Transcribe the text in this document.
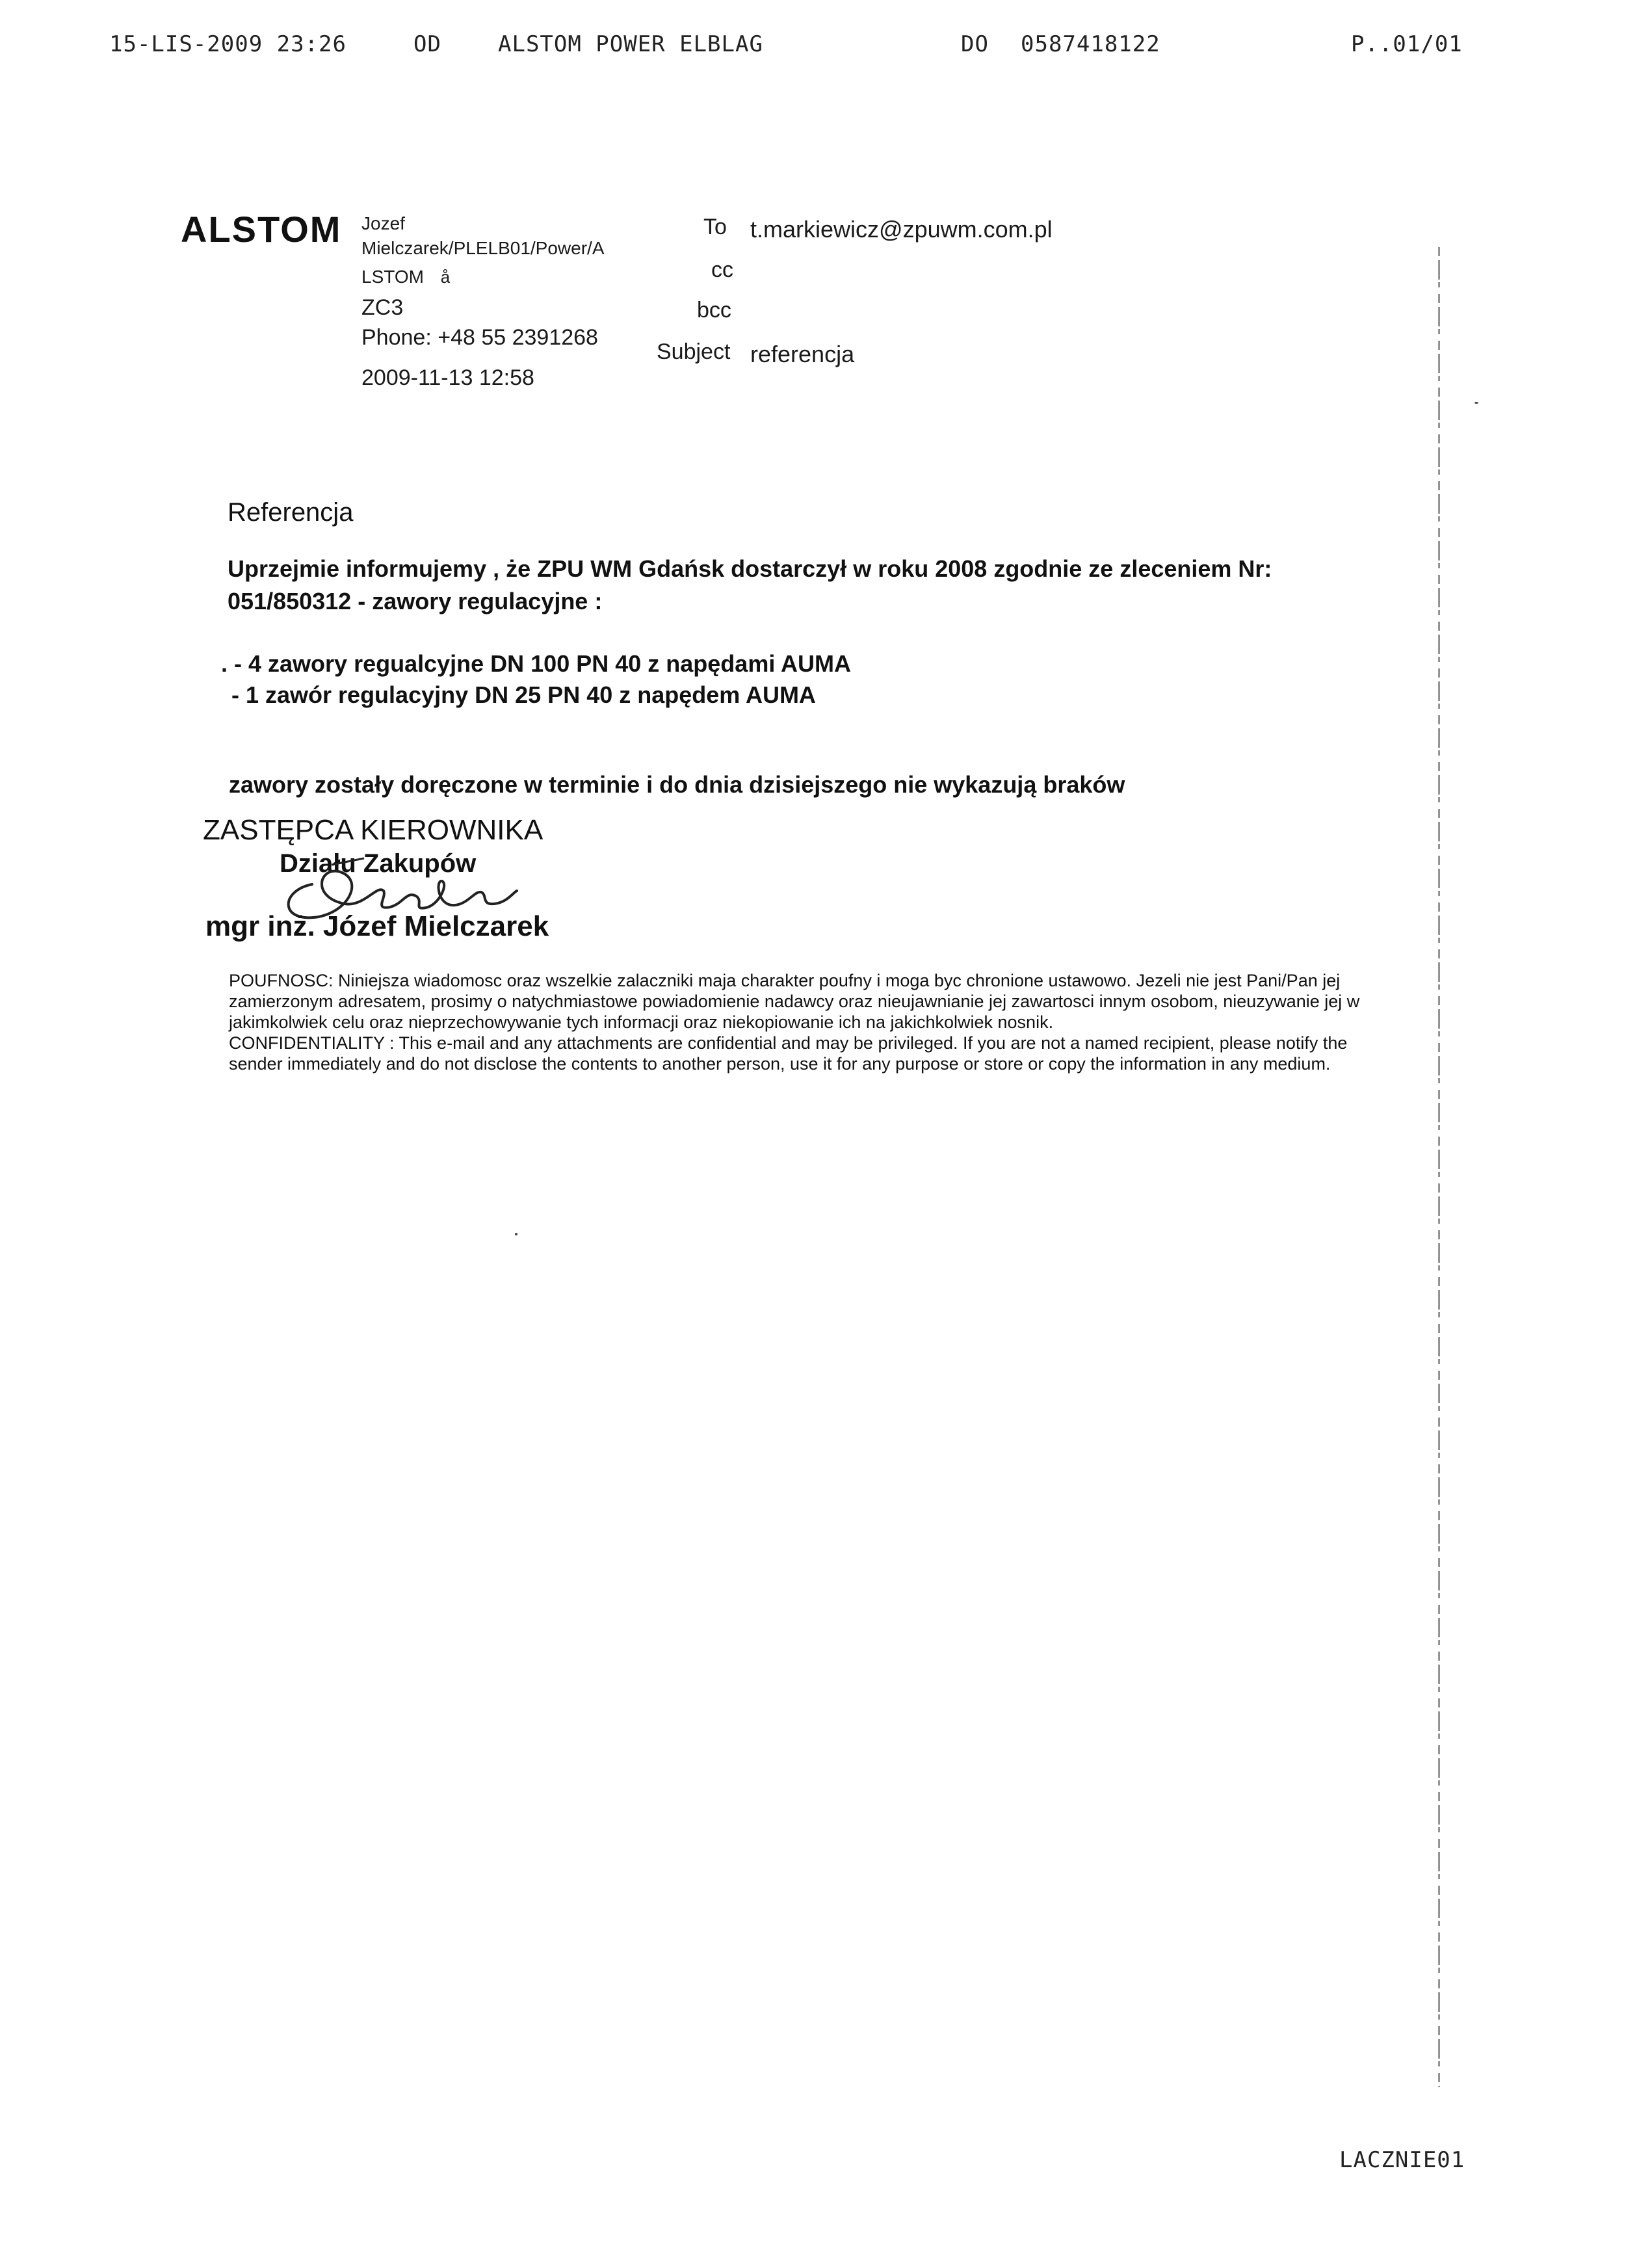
15-LIS-2009 23:26	OD	ALSTOM POWER ELBLAG	DO 0587418122	P..01/01
ALSTOM Jozef
Mielczarek/PLELB01/Power/A
LSTOM å
ZC3
Phone: +48 55 2391268
2009-11-13 12:58
To t.markiewicz@zpuwm.com.pl
cc
bcc
Subject referencja
Referencja
Uprzejmie informujemy , że ZPU WM Gdańsk dostarczył w roku 2008 zgodnie ze zleceniem Nr:
051/850312 - zawory regulacyjne :
. - 4 zawory regualcyjne DN 100 PN 40 z napędami AUMA
- 1 zawór regulacyjny DN 25 PN 40 z napędem AUMA
zawory zostały doręczone w terminie i do dnia dzisiejszego nie wykazują braków
ZASTĘPCA KIEROWNIKA
Działu Zakupów
mgr inż. Józef Mielczarek

POUFNOSC: Niniejsza wiadomosc oraz wszelkie zalaczniki maja charakter poufny i moga byc chronione ustawowo. Jezeli nie jest Pani/Pan jej zamierzonym adresatem, prosimy o natychmiastowe powiadomienie nadawcy oraz nieujawnianie jej zawartosci innym osobom, nieuzywanie jej w jakimkolwiek celu oraz nieprzechowywanie tych informacji oraz niekopiowanie ich na jakichkolwiek nosnik.

CONFIDENTIALITY : This e-mail and any attachments are confidential and may be privileged. If you are not a named recipient, please notify the sender immediately and do not disclose the contents to another person, use it for any purpose or store or copy the information in any medium.

LACZNIE01
